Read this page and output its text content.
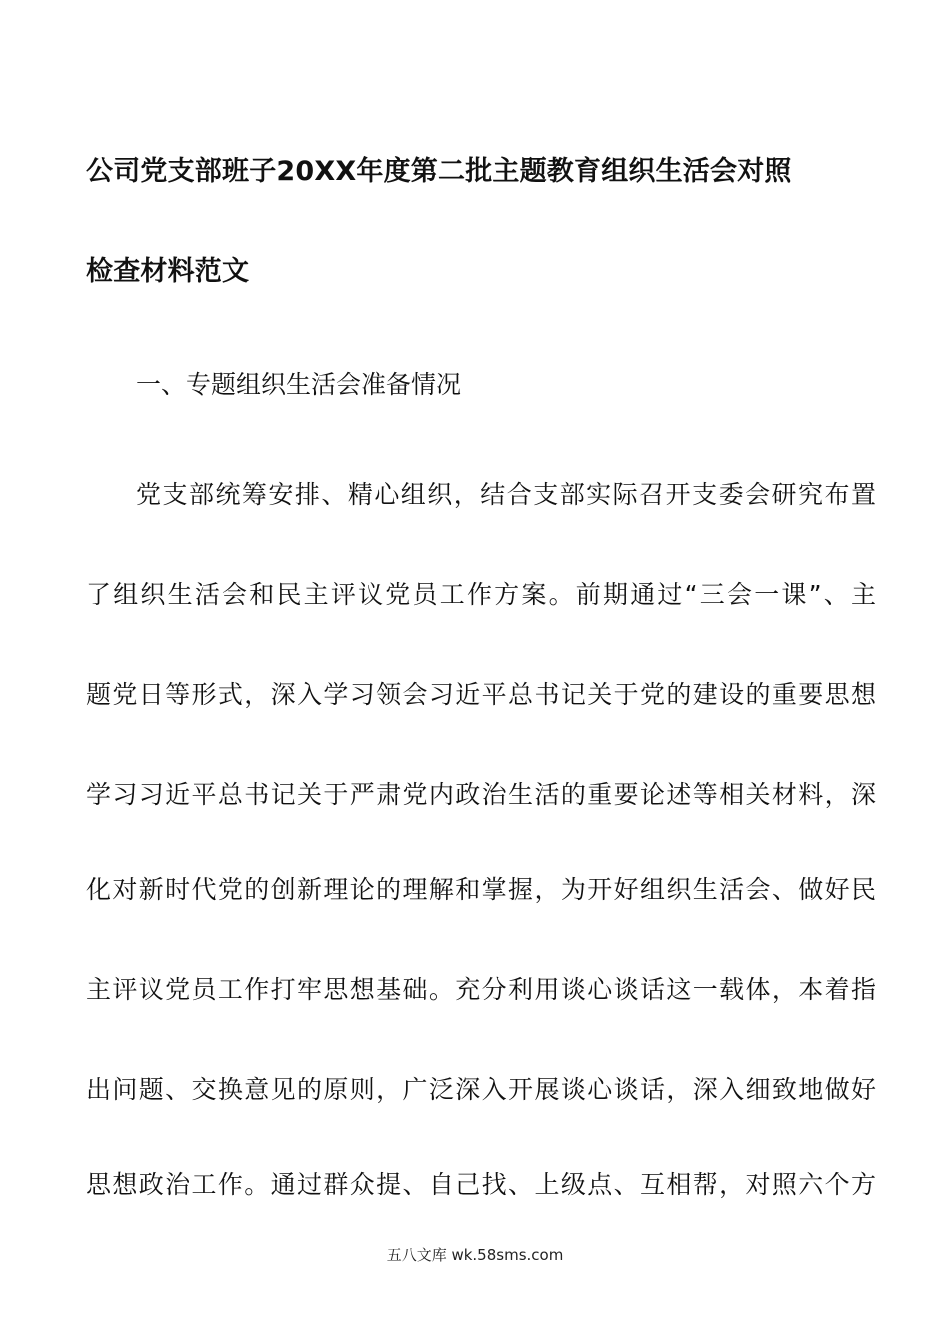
公司党支部班子20XX年度第二批主题教育组织生活会对照
检查材料范文
一、专题组织生活会准备情况
党支部统筹安排、精心组织，结合支部实际召开支委会研究布置
了组织生活会和民主评议党员工作方案。前期通过“三会一课”、主
题党日等形式，深入学习领会习近平总书记关于党的建设的重要思想
学习习近平总书记关于严肃党内政治生活的重要论述等相关材料，深
化对新时代党的创新理论的理解和掌握，为开好组织生活会、做好民
主评议党员工作打牢思想基础。充分利用谈心谈话这一载体，本着指
出问题、交换意见的原则，广泛深入开展谈心谈话，深入细致地做好
思想政治工作。通过群众提、自己找、上级点、互相帮，对照六个方
五八文库 wk.58sms.com
